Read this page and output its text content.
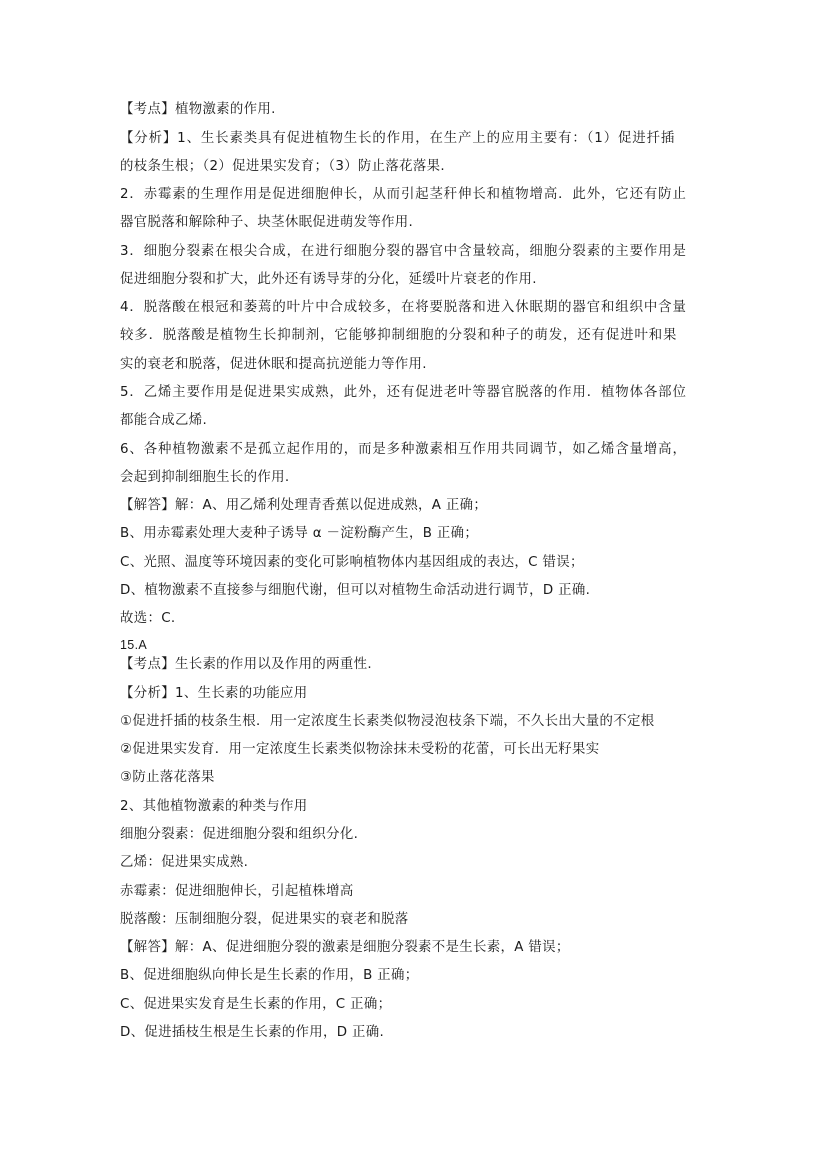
【考点】植物激素的作用.
【分析】1、生长素类具有促进植物生长的作用，在生产上的应用主要有：（1）促进扦插
的枝条生根；（2）促进果实发育；（3）防止落花落果.
2．赤霉素的生理作用是促进细胞伸长，从而引起茎秆伸长和植物增高．此外，它还有防止
器官脱落和解除种子、块茎休眠促进萌发等作用.
3．细胞分裂素在根尖合成，在进行细胞分裂的器官中含量较高，细胞分裂素的主要作用是
促进细胞分裂和扩大，此外还有诱导芽的分化，延缓叶片衰老的作用.
4．脱落酸在根冠和萎蔫的叶片中合成较多，在将要脱落和进入休眠期的器官和组织中含量
较多．脱落酸是植物生长抑制剂，它能够抑制细胞的分裂和种子的萌发，还有促进叶和果
实的衰老和脱落，促进休眠和提高抗逆能力等作用.
5．乙烯主要作用是促进果实成熟，此外，还有促进老叶等器官脱落的作用．植物体各部位
都能合成乙烯.
6、各种植物激素不是孤立起作用的，而是多种激素相互作用共同调节，如乙烯含量增高，
会起到抑制细胞生长的作用.
【解答】解：A、用乙烯利处理青香蕉以促进成熟，A 正确；
B、用赤霉素处理大麦种子诱导 α －淀粉酶产生，B 正确；
C、光照、温度等环境因素的变化可影响植物体内基因组成的表达，C 错误；
D、植物激素不直接参与细胞代谢，但可以对植物生命活动进行调节，D 正确.
故选：C.
15.A
【考点】生长素的作用以及作用的两重性.
【分析】1、生长素的功能应用
①促进扦插的枝条生根．用一定浓度生长素类似物浸泡枝条下端，不久长出大量的不定根
②促进果实发育．用一定浓度生长素类似物涂抹未受粉的花蕾，可长出无籽果实
③防止落花落果
2、其他植物激素的种类与作用
细胞分裂素：促进细胞分裂和组织分化.
乙烯：促进果实成熟.
赤霉素：促进细胞伸长，引起植株增高
脱落酸：压制细胞分裂，促进果实的衰老和脱落
【解答】解：A、促进细胞分裂的激素是细胞分裂素不是生长素，A 错误；
B、促进细胞纵向伸长是生长素的作用，B 正确；
C、促进果实发育是生长素的作用，C 正确；
D、促进插枝生根是生长素的作用，D 正确.
